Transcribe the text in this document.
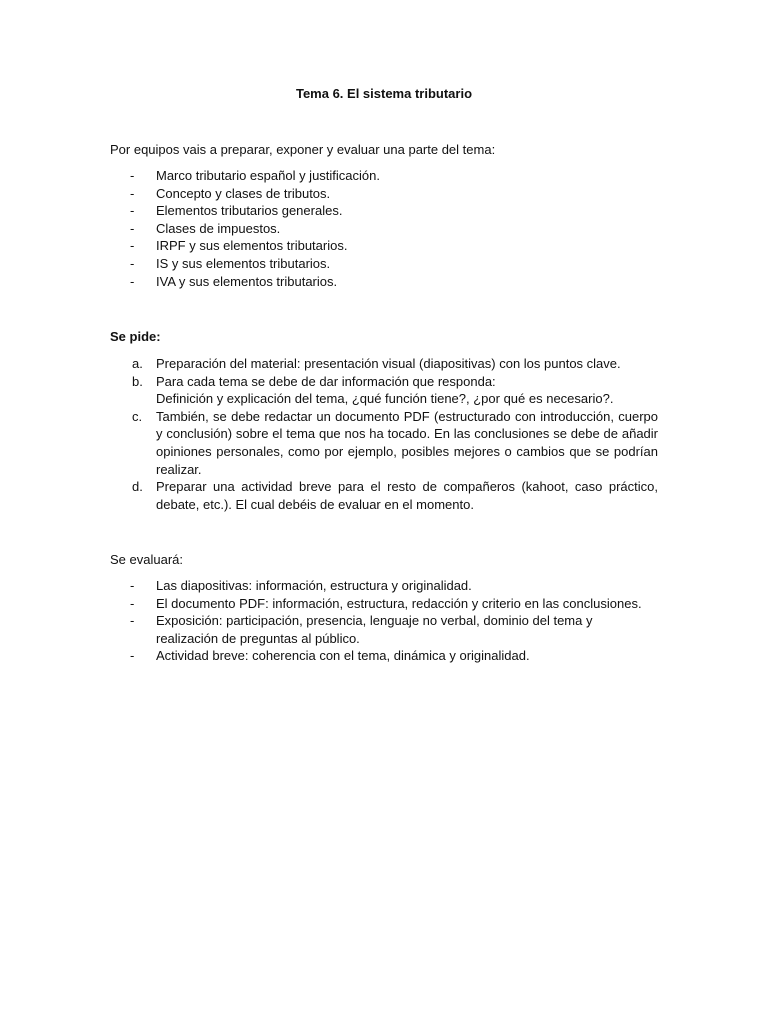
Tema 6. El sistema tributario
Por equipos vais a preparar, exponer y evaluar una parte del tema:
- Marco tributario español y justificación.
- Concepto y clases de tributos.
- Elementos tributarios generales.
- Clases de impuestos.
- IRPF y sus elementos tributarios.
- IS y sus elementos tributarios.
- IVA y sus elementos tributarios.
Se pide:
a. Preparación del material: presentación visual (diapositivas) con los puntos clave.
b. Para cada tema se debe de dar información que responda:
Definición y explicación del tema, ¿qué función tiene?, ¿por qué es necesario?.
c. También, se debe redactar un documento PDF (estructurado con introducción, cuerpo y conclusión) sobre el tema que nos ha tocado. En las conclusiones se debe de añadir opiniones personales, como por ejemplo, posibles mejores o cambios que se podrían realizar.
d. Preparar una actividad breve para el resto de compañeros (kahoot, caso práctico, debate, etc.). El cual debéis de evaluar en el momento.
Se evaluará:
- Las diapositivas: información, estructura y originalidad.
- El documento PDF: información, estructura, redacción y criterio en las conclusiones.
- Exposición: participación, presencia, lenguaje no verbal, dominio del tema y realización de preguntas al público.
- Actividad breve: coherencia con el tema, dinámica y originalidad.
